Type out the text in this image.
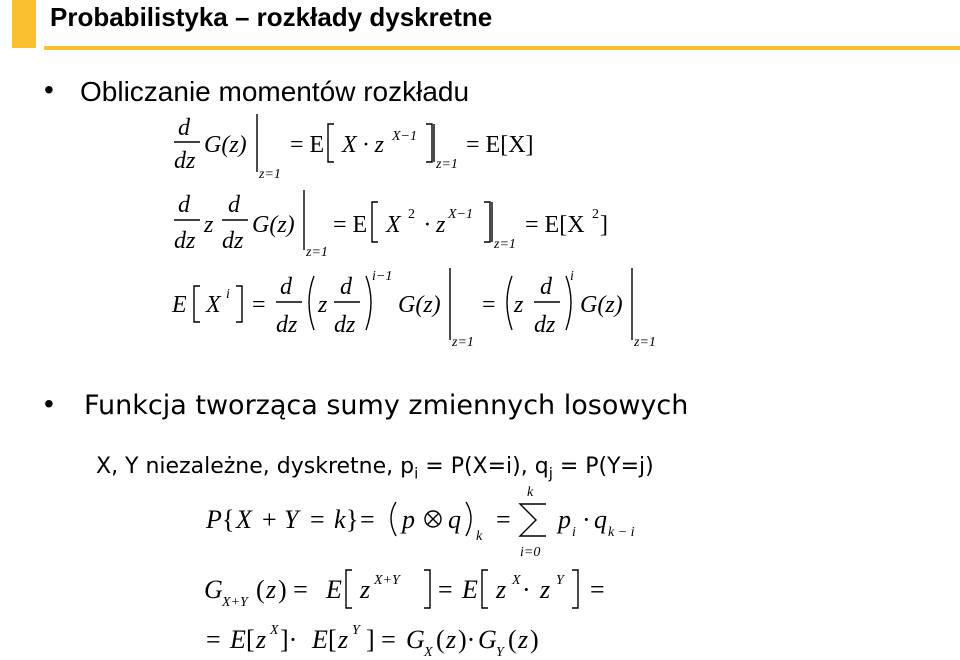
Probabilistyka – rozkłady dyskretne
• Obliczanie momentów rozkładu
• Funkcja tworząca sumy zmiennych losowych
X, Y niezależne, dyskretne, $p_i = P(X=i)$, $q_j = P(Y=j)$
d
dz
G(z)
z=1
= E X · z X−1
z=1
= E[X]
d
dz
z
d
dz
G(z)
z=1
= E X 2 · z X−1
z=1
= E[X 2 ]
E X i =
d
dz
z
d
dz
i−1
G(z)
z=1
= z
d
dz
i
G(z)
z=1
P { X + Y = k } = p q
k
=
k
i=0
p i · q k − i
G X+Y ( z ) = E z X+Y = E z X · z Y =
= E [ z X ]· E [ z Y ] = G X ( z )· G Y ( z )
